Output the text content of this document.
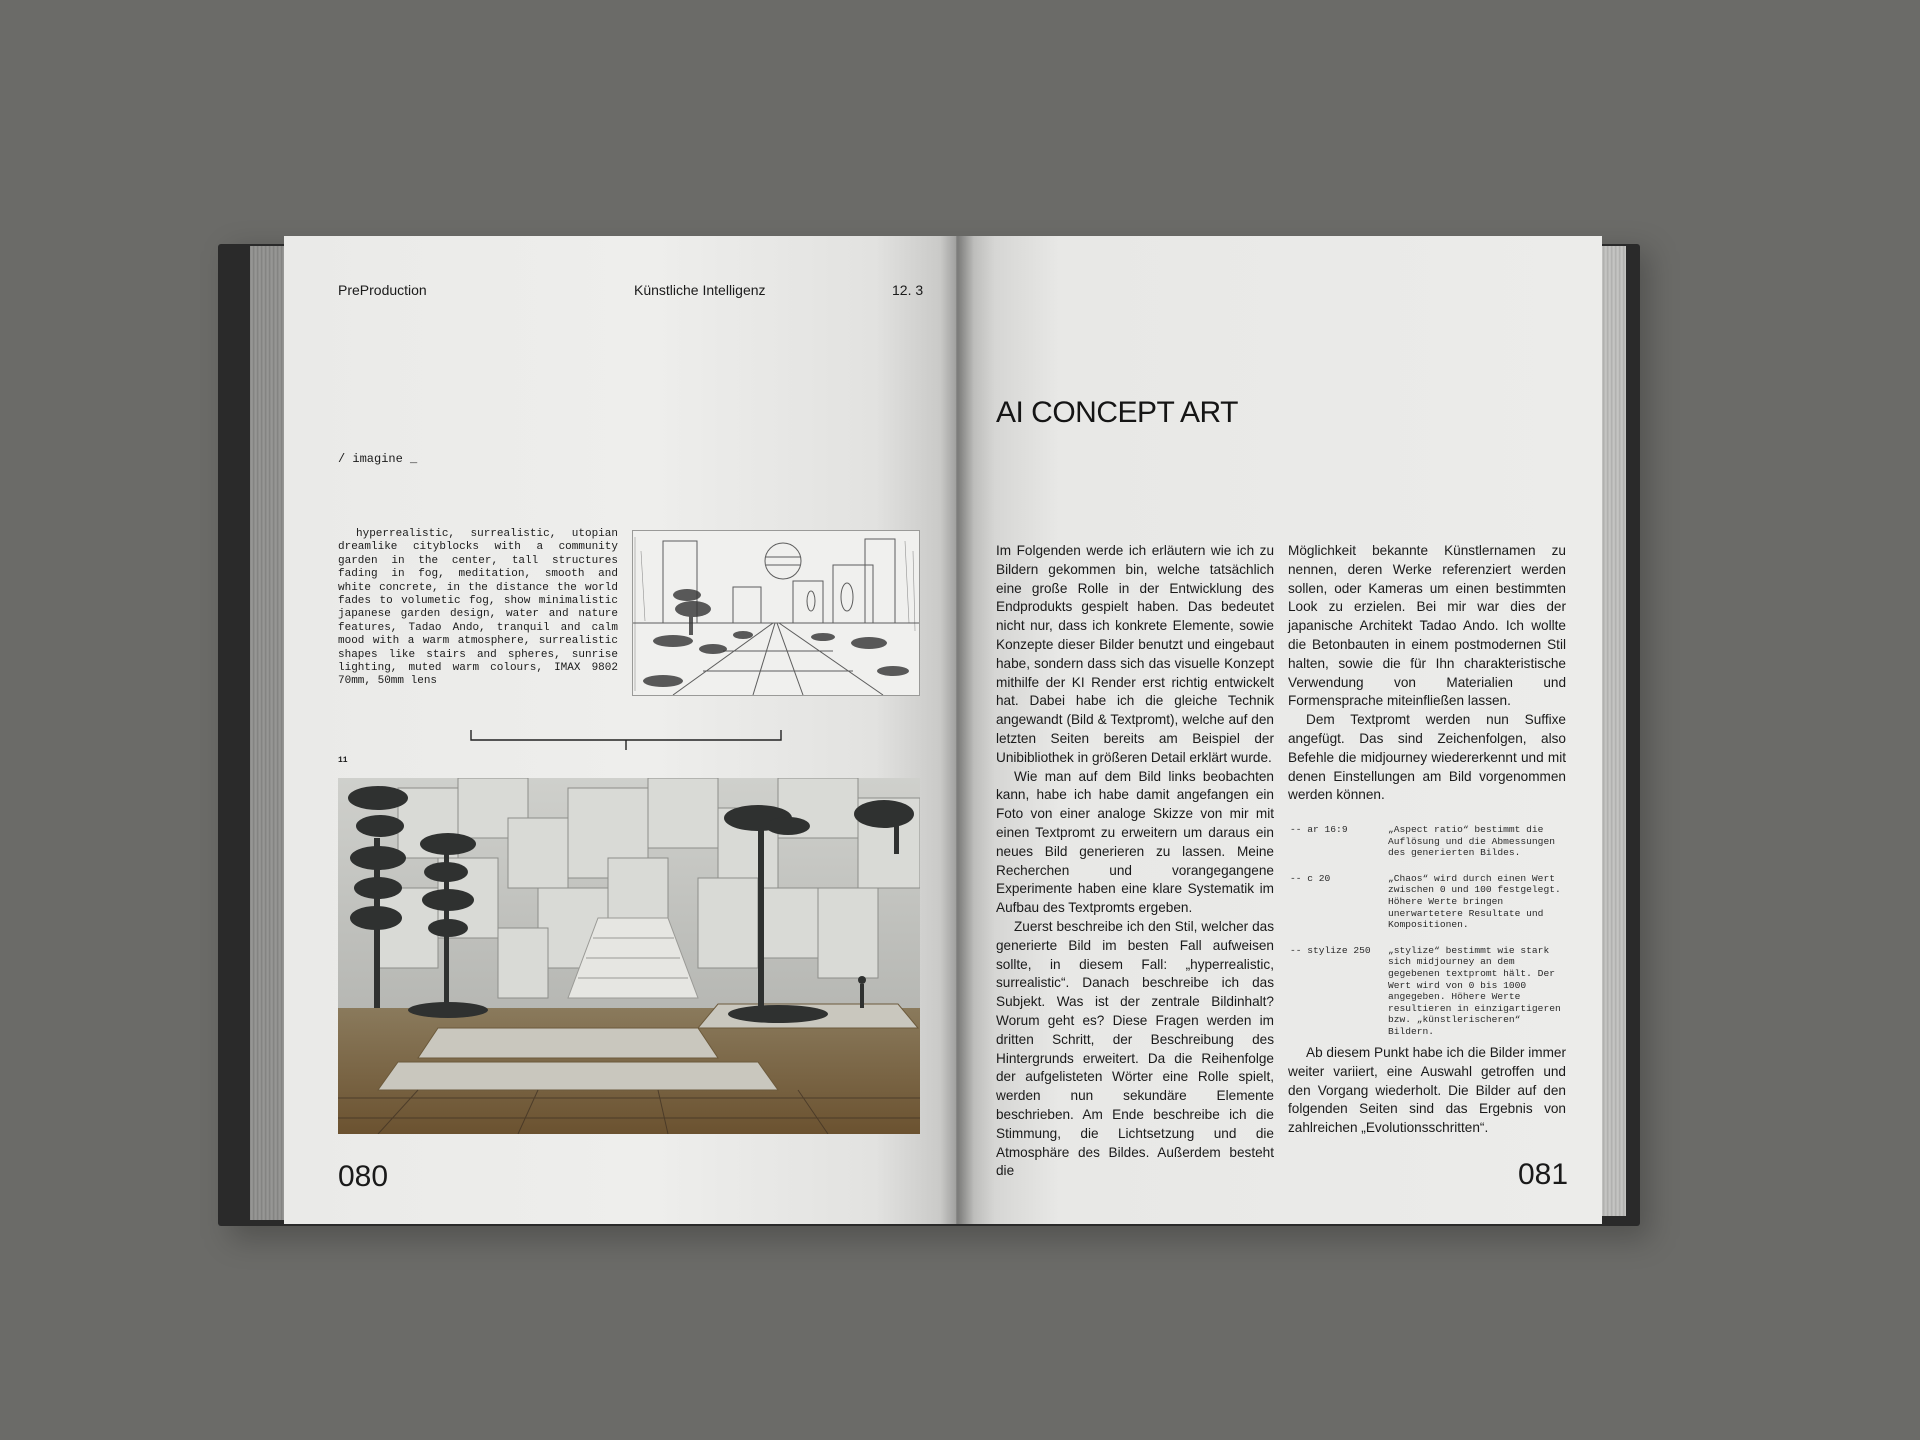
PreProduction	Künstliche Intelligenz	12. 3
/ imagine _
hyperrealistic, surrealistic, utopian dreamlike cityblocks with a community garden in the center, tall structures fading in fog, meditation, smooth and white concrete, in the distance the world fades to volumetic fog, show minimalistic japanese garden design, water and nature features, Tadao Ando, tranquil and calm mood with a warm atmosphere, surrealistic shapes like stairs and spheres, sunrise lighting, muted warm colours, IMAX 9802 70mm, 50mm lens
11
080
AI CONCEPT ART

Im Folgenden werde ich erläutern wie ich zu Bildern gekommen bin, welche tatsächlich eine große Rolle in der Entwicklung des Endprodukts gespielt haben. Das bedeutet nicht nur, dass ich konkrete Elemente, sowie Konzepte dieser Bilder benutzt und eingebaut habe, sondern dass sich das visuelle Konzept mithilfe der KI Render erst richtig entwickelt hat. Dabei habe ich die gleiche Technik angewandt (Bild & Textpromt), welche auf den letzten Seiten bereits am Beispiel der Unibibliothek in größeren Detail erklärt wurde.

Wie man auf dem Bild links beobachten kann, habe ich habe damit angefangen ein Foto von einer analoge Skizze von mir mit einen Textpromt zu erweitern um daraus ein neues Bild generieren zu lassen. Meine Recherchen und vorangegangene Experimente haben eine klare Systematik im Aufbau des Textpromts ergeben.

Zuerst beschreibe ich den Stil, welcher das generierte Bild im besten Fall aufweisen sollte, in diesem Fall: „hyperrealistic, surrealistic“. Danach beschreibe ich das Subjekt. Was ist der zentrale Bildinhalt? Worum geht es? Diese Fragen werden im dritten Schritt, der Beschreibung des Hintergrunds erweitert. Da die Reihenfolge der aufgelisteten Wörter eine Rolle spielt, werden nun sekundäre Elemente beschrieben. Am Ende beschreibe ich die Stimmung, die Lichtsetzung und die Atmosphäre des Bildes. Außerdem besteht die

Möglichkeit bekannte Künstlernamen zu nennen, deren Werke referenziert werden sollen, oder Kameras um einen bestimmten Look zu erzielen. Bei mir war dies der japanische Architekt Tadao Ando. Ich wollte die Betonbauten in einem postmodernen Stil halten, sowie die für Ihn charakteristische Verwendung von Materialien und Formensprache miteinfließen lassen.

Dem Textpromt werden nun Suffixe angefügt. Das sind Zeichenfolgen, also Befehle die midjourney wiedererkennt und mit denen Einstellungen am Bild vorgenommen werden können.

-- ar 16:9	„Aspect ratio“ bestimmt die Auflösung und die Abmessungen des generierten Bildes.
-- c 20	„Chaos“ wird durch einen Wert zwischen 0 und 100 festgelegt. Höhere Werte bringen unerwartetere Resultate und Kompositionen.
-- stylize 250	„stylize“ bestimmt wie stark sich midjourney an dem gegebenen textpromt hält. Der Wert wird von 0 bis 1000 angegeben. Höhere Werte resultieren in einzigartigeren bzw. „künstlerischeren“ Bildern.
Ab diesem Punkt habe ich die Bilder immer weiter variiert, eine Auswahl getroffen und den Vorgang wiederholt. Die Bilder auf den folgenden Seiten sind das Ergebnis von zahlreichen „Evolutionsschritten“.
081
